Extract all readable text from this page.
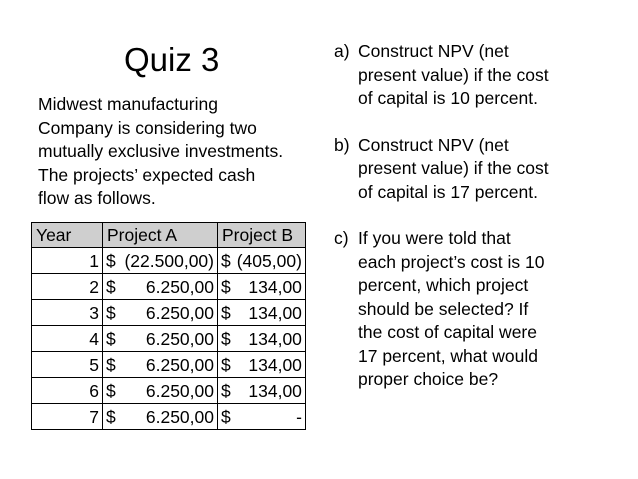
Quiz 3
Midwest manufacturing
Company is considering two
mutually exclusive investments.
The projects’ expected cash
flow as follows.
Year	Project A	Project B
1	$ (22.500,00)	$ (405,00)

2	$ 6.250,00	$ 134,00

3	$ 6.250,00	$ 134,00

4	$ 6.250,00	$ 134,00

5	$ 6.250,00	$ 134,00

6	$ 6.250,00	$ 134,00

7	$ 6.250,00	$ -
a) Construct NPV (net
present value) if the cost
of capital is 10 percent.
b) Construct NPV (net
present value) if the cost
of capital is 17 percent.
c) If you were told that
each project’s cost is 10
percent, which project
should be selected? If
the cost of capital were
17 percent, what would
proper choice be?
